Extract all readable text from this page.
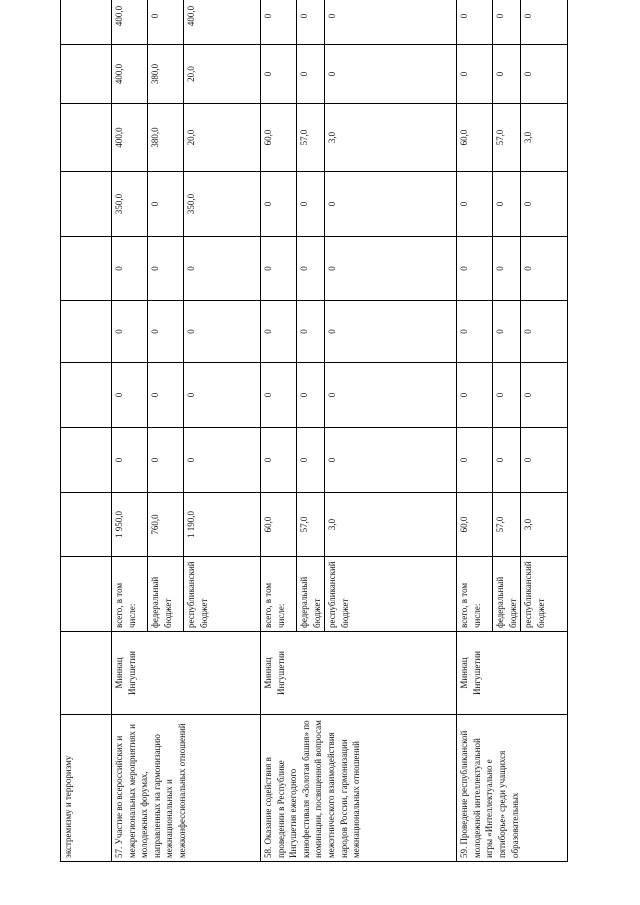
экстремизму и терроризму														
57. Участие во всероссийских и межрегиональных мероприятиях и молодежных форумах, направленных на гармонизацию межнациональных и межконфессиональных отношений	Миннац Ингушетии	всего, в том числе:	1 950,0	0	0	0	0	350,0	400,0	400,0	400,0			
		федеральный бюджет	760,0	0	0	0	0	0	380,0	380,0	0			
		республиканский бюджет	1 190,0	0	0	0	0	350,0	20,0	20,0	400,0			
58. Оказание содействия в проведении в Республике Ингушетия ежегодного кинофестиваля «Золотая башня» по номинации, посвященной вопросам межэтнического взаимодействия народов России, гармонизации межнациональных отношений	Миннац Ингушетии	всего, в том числе:	60,0	0	0	0	0	0	60,0	0	0			
		федеральный бюджет	57,0	0	0	0	0	0	57,0	0	0			
		республиканский бюджет	3,0	0	0	0	0	0	3,0	0	0			
59. Проведение республиканской молодежной интеллектуальной игры «Интеллектуально е пятиборье» среди учащихся образовательных	Миннац Ингушетии	всего, в том числе:	60,0	0	0	0	0	0	60,0	0	0			
		федеральный бюджет	57,0	0	0	0	0	0	57,0	0	0			
		республиканский бюджет	3,0	0	0	0	0	0	3,0	0	0			
